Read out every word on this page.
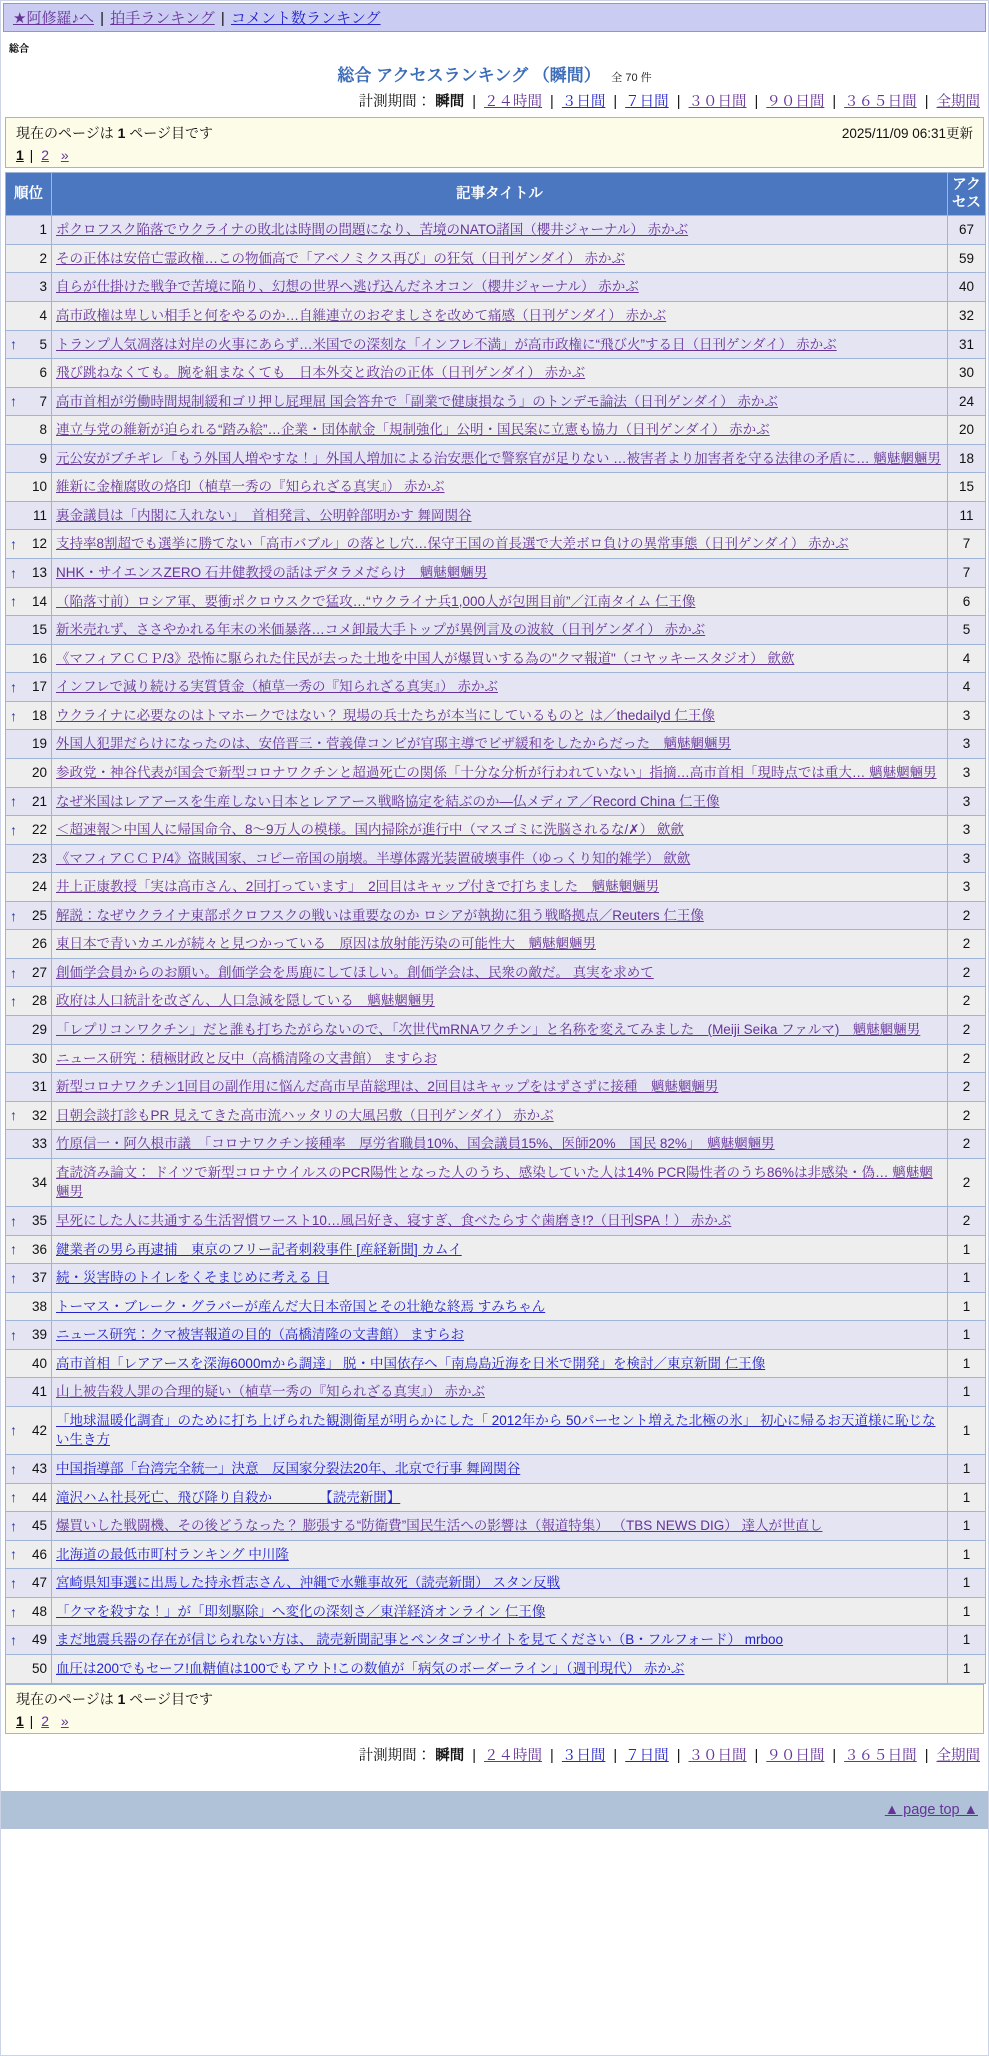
★阿修羅♪へ | 拍手ランキング | コメント数ランキング
総合
総合 アクセスランキング （瞬間） 全 70 件
計測期間： 瞬間 | ２４時間 | ３日間 | ７日間 | ３０日間 | ９０日間 | ３６５日間 | 全期間
現在のページは 1 ページ目です	2025/11/09 06:31更新
1 | 2 »
順位	記事タイトル	アクセス
1	ポクロフスク陥落でウクライナの敗北は時間の問題になり、苦境のNATO諸国（櫻井ジャーナル） 赤かぶ	67
2	その正体は安倍亡霊政権…この物価高で「アベノミクス再び」の狂気（日刊ゲンダイ） 赤かぶ	59
3	自らが仕掛けた戦争で苦境に陥り、幻想の世界へ逃げ込んだネオコン（櫻井ジャーナル） 赤かぶ	40
4	高市政権は卑しい相手と何をやるのか…自維連立のおぞましさを改めて痛感（日刊ゲンダイ） 赤かぶ	32

↑ 5	トランプ人気凋落は対岸の火事にあらず…米国での深刻な「インフレ不満」が高市政権に“飛び火”する日（日刊ゲンダイ） 赤かぶ	31
6	飛び跳ねなくても。腕を組まなくても　日本外交と政治の正体（日刊ゲンダイ） 赤かぶ	30

↑ 7	高市首相が労働時間規制緩和ゴリ押し屁理屈 国会答弁で「副業で健康損なう」のトンデモ論法（日刊ゲンダイ） 赤かぶ	24
8	連立与党の維新が迫られる“踏み絵”…企業・団体献金「規制強化」公明・国民案に立憲も協力（日刊ゲンダイ） 赤かぶ	20
9	元公安がブチギレ「もう外国人増やすな！」外国人増加による治安悪化で警察官が足りない …被害者より加害者を守る法律の矛盾に… 魑魅魍魎男	18
10	維新に金権腐敗の烙印（植草一秀の『知られざる真実』） 赤かぶ	15
11	裏金議員は「内閣に入れない」　首相発言、公明幹部明かす 舞岡関谷	11

↑ 12	支持率8割超でも選挙に勝てない「高市バブル」の落とし穴…保守王国の首長選で大差ボロ負けの異常事態（日刊ゲンダイ） 赤かぶ	7

↑ 13	NHK・サイエンスZERO 石井健教授の話はデタラメだらけ　魑魅魍魎男	7

↑ 14	（陥落寸前）ロシア軍、要衝ポクロウスクで猛攻…“ウクライナ兵1,000人が包囲目前”／江南タイム 仁王像	6
15	新米売れず、ささやかれる年末の米価暴落…コメ卸最大手トップが異例言及の波紋（日刊ゲンダイ） 赤かぶ	5
16	《マフィアＣＣＰ/3》恐怖に駆られた住民が去った土地を中国人が爆買いする為の"クマ報道"（コヤッキースタジオ） 歛歛	4

↑ 17	インフレで減り続ける実質賃金（植草一秀の『知られざる真実』） 赤かぶ	4

↑ 18	ウクライナに必要なのはトマホークではない？ 現場の兵士たちが本当にしているものと は／thedailyd 仁王像	3
19	外国人犯罪だらけになったのは、安倍晋三・菅義偉コンビが官邸主導でビザ緩和をしたからだった　魑魅魍魎男	3
20	参政党・神谷代表が国会で新型コロナワクチンと超過死亡の関係「十分な分析が行われていない」指摘…高市首相「現時点では重大… 魑魅魍魎男	3

↑ 21	なぜ米国はレアアースを生産しない日本とレアアース戦略協定を結ぶのか―仏メディア／Record China 仁王像	3

↑ 22	＜超速報＞中国人に帰国命令、8～9万人の模様。国内掃除が進行中（マスゴミに洗脳されるな/✗） 歛歛	3
23	《マフィアＣＣＰ/4》盗賊国家、コピー帝国の崩壊。半導体露光装置破壊事件（ゆっくり知的雑学） 歛歛	3
24	井上正康教授「実は高市さん、2回打っています」　2回目はキャップ付きで打ちました　魑魅魍魎男	3

↑ 25	解説：なぜウクライナ東部ポクロフスクの戦いは重要なのか ロシアが執拗に狙う戦略拠点／Reuters 仁王像	2
26	東日本で青いカエルが続々と見つかっている　原因は放射能汚染の可能性大　魑魅魍魎男	2

↑ 27	創価学会員からのお願い。創価学会を馬鹿にしてほしい。創価学会は、民衆の敵だ。 真実を求めて	2

↑ 28	政府は人口統計を改ざん、人口急減を隠している　魑魅魍魎男	2
29	「レプリコンワクチン」だと誰も打ちたがらないので、「次世代mRNAワクチン」と名称を変えてみました　(Meiji Seika ファルマ)　魑魅魍魎男	2
30	ニュース研究：積極財政と反中（高橋清隆の文書館） ますらお	2
31	新型コロナワクチン1回目の副作用に悩んだ高市早苗総理は、2回目はキャップをはずさずに接種　魑魅魍魎男	2

↑ 32	日朝会談打診もPR 見えてきた高市流ハッタリの大風呂敷（日刊ゲンダイ） 赤かぶ	2
33	竹原信一・阿久根市議　「コロナワクチン接種率　厚労省職員10%、国会議員15%、医師20%　国民 82%」　魑魅魍魎男	2
34	査読済み論文： ドイツで新型コロナウイルスのPCR陽性となった人のうち、感染していた人は14% PCR陽性者のうち86%は非感染・偽… 魑魅魍魎男	2

↑ 35	早死にした人に共通する生活習慣ワースト10…風呂好き、寝すぎ、食べたらすぐ歯磨き!?（日刊SPA！） 赤かぶ	2

↑ 36	鍵業者の男ら再逮捕　東京のフリー記者刺殺事件 [産経新聞] カムイ	1

↑ 37	続・災害時のトイレをくそまじめに考える 日	1
38	トーマス・ブレーク・グラバーが産んだ大日本帝国とその壮絶な終焉 すみちゃん	1

↑ 39	ニュース研究：クマ被害報道の目的（高橋清隆の文書館） ますらお	1
40	高市首相「レアアースを深海6000mから調達」 脱・中国依存へ「南鳥島近海を日米で開発」を検討／東京新聞 仁王像	1
41	山上被告殺人罪の合理的疑い（植草一秀の『知られざる真実』） 赤かぶ	1

↑ 42	「地球温暖化調査」のために打ち上げられた観測衛星が明らかにした「 2012年から 50パーセント増えた北極の氷」 初心に帰るお天道様に恥じない生き方	1

↑ 43	中国指導部「台湾完全統一」決意　反国家分裂法20年、北京で行事 舞岡関谷	1

↑ 44	滝沢ハム社長死亡、飛び降り自殺か　　　　【読売新聞】	1

↑ 45	爆買いした戦闘機、その後どうなった？ 膨張する“防衛費”国民生活への影響は（報道特集） （TBS NEWS DIG） 達人が世直し	1

↑ 46	北海道の最低市町村ランキング 中川隆	1

↑ 47	宮崎県知事選に出馬した持永哲志さん、沖縄で水難事故死（読売新聞） スタン反戦	1

↑ 48	「クマを殺すな！」が「即刻駆除」へ変化の深刻さ／東洋経済オンライン 仁王像	1

↑ 49	まだ地震兵器の存在が信じられない方は、 読売新聞記事とペンタゴンサイトを見てください（B・フルフォード） mrboo	1
50	血圧は200でもセーフ!血糖値は100でもアウト!この数値が「病気のボーダーライン」（週刊現代） 赤かぶ	1
現在のページは 1 ページ目です
1 | 2 »
計測期間： 瞬間 | ２４時間 | ３日間 | ７日間 | ３０日間 | ９０日間 | ３６５日間 | 全期間
▲ page top ▲
